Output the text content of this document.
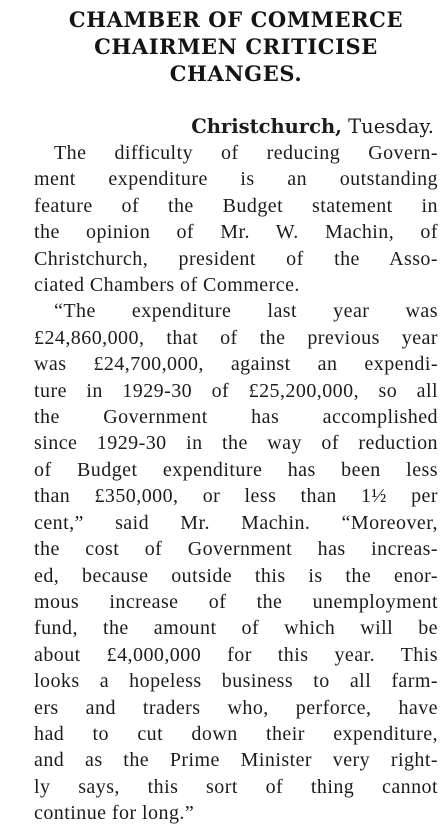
CHAMBER OF COMMERCE
CHAIRMEN CRITICISE
CHANGES.
Christchurch, Tuesday.
The difficulty of reducing Govern-
ment expenditure is an outstanding
feature of the Budget statement in
the opinion of Mr. W. Machin, of
Christchurch, president of the Asso-
ciated Chambers of Commerce.
“The expenditure last year was
£24,860,000, that of the previous year
was £24,700,000, against an expendi-
ture in 1929-30 of £25,200,000, so all
the Government has accomplished
since 1929-30 in the way of reduction
of Budget expenditure has been less
than £350,000, or less than 1½ per
cent,” said Mr. Machin. “Moreover,
the cost of Government has increas-
ed, because outside this is the enor-
mous increase of the unemployment
fund, the amount of which will be
about £4,000,000 for this year. This
looks a hopeless business to all farm-
ers and traders who, perforce, have
had to cut down their expenditure,
and as the Prime Minister very right-
ly says, this sort of thing cannot
continue for long.”
